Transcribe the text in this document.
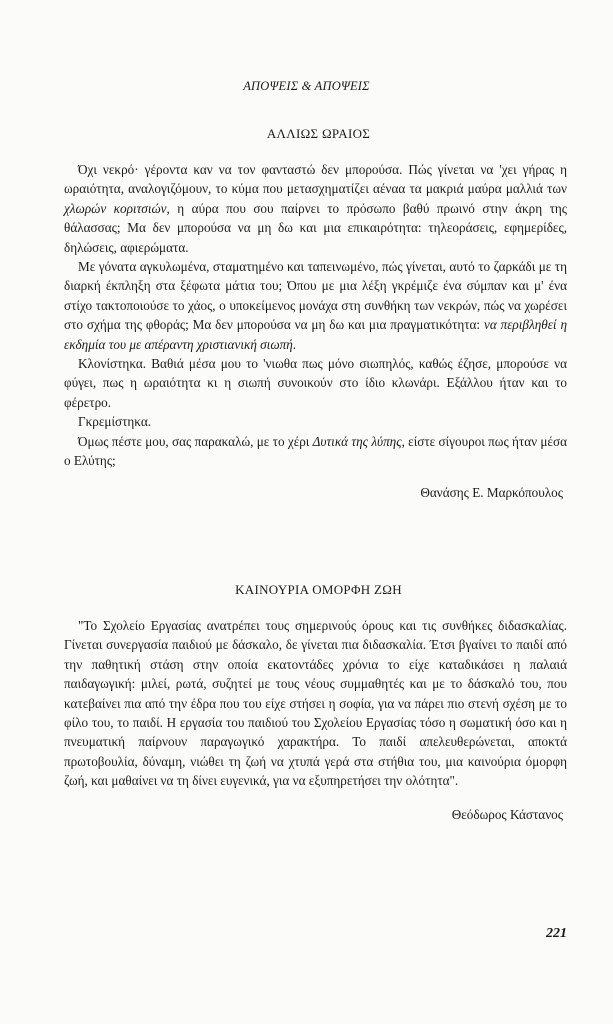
ΑΠΟΨΕΙΣ & ΑΠΟΨΕΙΣ
ΑΛΛΙΩΣ ΩΡΑΙΟΣ

Όχι νεκρό· γέροντα καν να τον φανταστώ δεν μπορούσα. Πώς γίνεται να 'χει γήρας η ωραιότητα, αναλογιζόμουν, το κύμα που μετασχηματίζει αέναα τα μακριά μαύρα μαλλιά των χλωρών κοριτσιών, η αύρα που σου παίρνει το πρόσωπο βαθύ πρωινό στην άκρη της θάλασσας; Μα δεν μπορούσα να μη δω και μια επικαιρότητα: τηλεοράσεις, εφημερίδες, δηλώσεις, αφιερώματα.

Με γόνατα αγκυλωμένα, σταματημένο και ταπεινωμένο, πώς γίνεται, αυτό το ζαρκάδι με τη διαρκή έκπληξη στα ξέφωτα μάτια του; Όπου με μια λέξη γκρέμιζε ένα σύμπαν και μ' ένα στίχο τακτοποιούσε το χάος, ο υποκείμενος μονάχα στη συνθήκη των νεκρών, πώς να χωρέσει στο σχήμα της φθοράς; Μα δεν μπορούσα να μη δω και μια πραγματικότητα: να περιβληθεί η εκδημία του με απέραντη χριστιανική σιωπή.

Κλονίστηκα. Βαθιά μέσα μου το 'νιωθα πως μόνο σιωπηλός, καθώς έζησε, μπορούσε να φύγει, πως η ωραιότητα κι η σιωπή συνοικούν στο ίδιο κλωνάρι. Εξάλλου ήταν και το φέρετρο.

Γκρεμίστηκα.

Όμως πέστε μου, σας παρακαλώ, με το χέρι Δυτικά της λύπης, είστε σίγουροι πως ήταν μέσα ο Ελύτης;

Θανάσης Ε. Μαρκόπουλος
ΚΑΙΝΟΥΡΙΑ ΟΜΟΡΦΗ ΖΩΗ

"Το Σχολείο Εργασίας ανατρέπει τους σημερινούς όρους και τις συνθήκες διδασκαλίας. Γίνεται συνεργασία παιδιού με δάσκαλο, δε γίνεται πια διδασκαλία. Έτσι βγαίνει το παιδί από την παθητική στάση στην οποία εκατοντάδες χρόνια το είχε καταδικάσει η παλαιά παιδαγωγική: μιλεί, ρωτά, συζητεί με τους νέους συμμαθητές και με το δάσκαλό του, που κατεβαίνει πια από την έδρα που του είχε στήσει η σοφία, για να πάρει πιο στενή σχέση με το φίλο του, το παιδί. Η εργασία του παιδιού του Σχολείου Εργασίας τόσο η σωματική όσο και η πνευματική παίρνουν παραγωγικό χαρακτήρα. Το παιδί απελευθερώνεται, αποκτά πρωτοβουλία, δύναμη, νιώθει τη ζωή να χτυπά γερά στα στήθια του, μια καινούρια όμορφη ζωή, και μαθαίνει να τη δίνει ευγενικά, για να εξυπηρετήσει την ολότητα".

Θεόδωρος Κάστανος
221
